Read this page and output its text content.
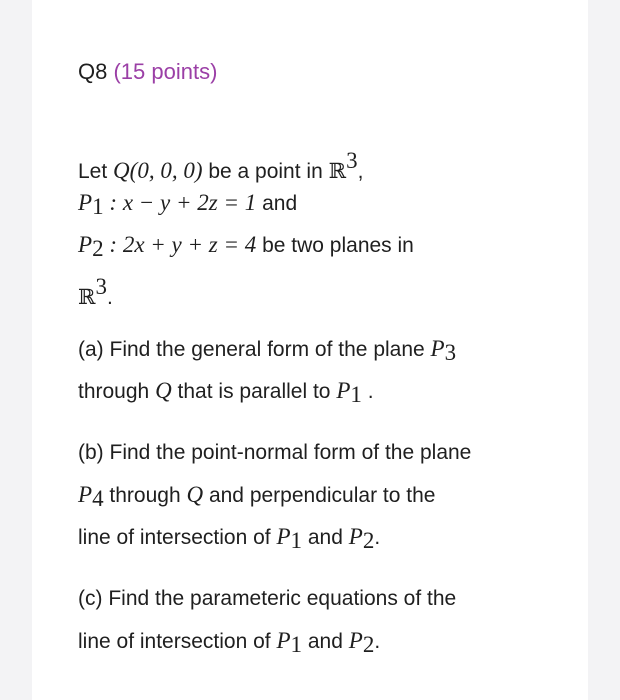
Q8 (15 points)
Let Q(0, 0, 0) be a point in ℝ$^3$,
$P_1$ : x − y + 2z = 1 and
$P_2$ : 2x + y + z = 4 be two planes in
ℝ$^3$.
(a) Find the general form of the plane $P_3$
through Q that is parallel to $P_1$ .
(b) Find the point-normal form of the plane
$P_4$ through Q and perpendicular to the
line of intersection of $P_1$ and $P_2$.
(c) Find the parameteric equations of the
line of intersection of $P_1$ and $P_2$.
